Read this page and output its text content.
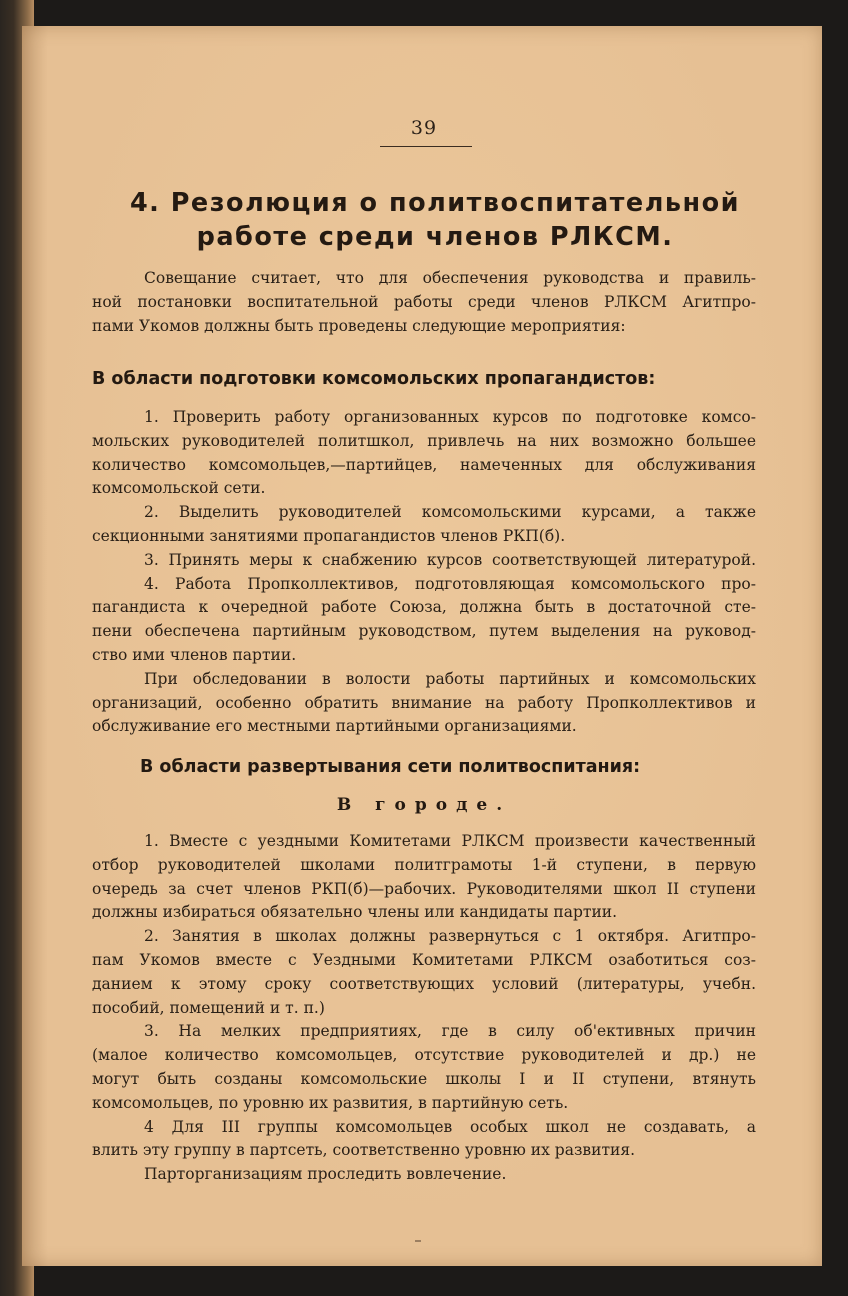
39
4. Резолюция о политвоспитательной
работе среди членов РЛКСМ.
Совещание считает, что для обеспечения руководства и правиль-
ной постановки воспитательной работы среди членов РЛКСМ Агитпро-
пами Укомов должны быть проведены следующие мероприятия:
В области подготовки комсомольских пропагандистов:
1. Проверить работу организованных курсов по подготовке комсо-
мольских руководителей политшкол, привлечь на них возможно большее
количество комсомольцев,—партийцев, намеченных для обслуживания
комсомольской сети.
2. Выделить руководителей комсомольскими курсами, а также
секционными занятиями пропагандистов членов РКП(б).
3. Принять меры к снабжению курсов соответствующей литературой.
4. Работа Пропколлективов, подготовляющая комсомольского про-
пагандиста к очередной работе Союза, должна быть в достаточной сте-
пени обеспечена партийным руководством, путем выделения на руковод-
ство ими членов партии.
При обследовании в волости работы партийных и комсомольских
организаций, особенно обратить внимание на работу Пропколлективов и
обслуживание его местными партийными организациями.
В области развертывания сети политвоспитания:
В городе.
1. Вместе с уездными Комитетами РЛКСМ произвести качественный
отбор руководителей школами политграмоты 1-й ступени, в первую
очередь за счет членов РКП(б)—рабочих. Руководителями школ II ступени
должны избираться обязательно члены или кандидаты партии.
2. Занятия в школах должны развернуться с 1 октября. Агитпро-
пам Укомов вместе с Уездными Комитетами РЛКСМ озаботиться соз-
данием к этому сроку соответствующих условий (литературы, учебн.
пособий, помещений и т. п.)
3. На мелких предприятиях, где в силу об'ективных причин
(малое количество комсомольцев, отсутствие руководителей и др.) не
могут быть созданы комсомольские школы I и II ступени, втянуть
комсомольцев, по уровню их развития, в партийную сеть.
4 Для III группы комсомольцев особых школ не создавать, а
влить эту группу в партсеть, соответственно уровню их развития.
Парторганизациям проследить вовлечение.
